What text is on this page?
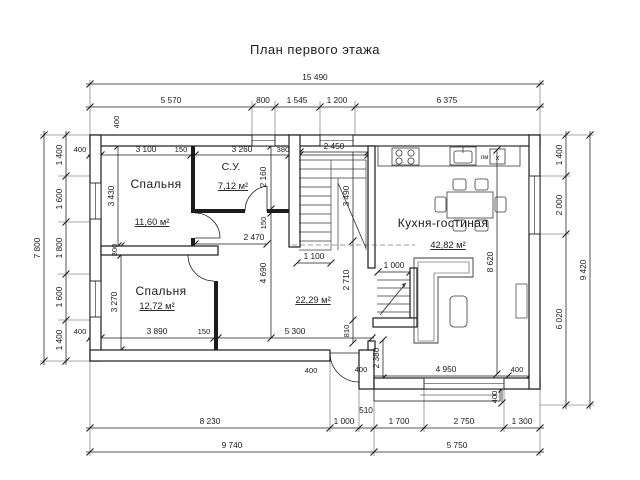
План первого этажа
Спальня
11,60 м²
С.У.
7,12 м²
Спальня
12,72 м²
22,29 м²
Кухня-гостиная
42,82 м²
пм x
15 490
5 570	800 1 545 1 200	6 375
7 800
1 400
1 600
1 800
1 600
1 400
1 400
2 000
6 020
9 420
8 230	1 000
510
1 700	2 750	1 300
9 740	5 750
400	3 100 150	3 260	380	2 450
3 430
2 160
150
2 470
400
300
3 270
400	3 890	150	5 300
4 690
1 100
3 490
2 710
810
1 000
2 380
400
400	4 950	400
8 620
400
